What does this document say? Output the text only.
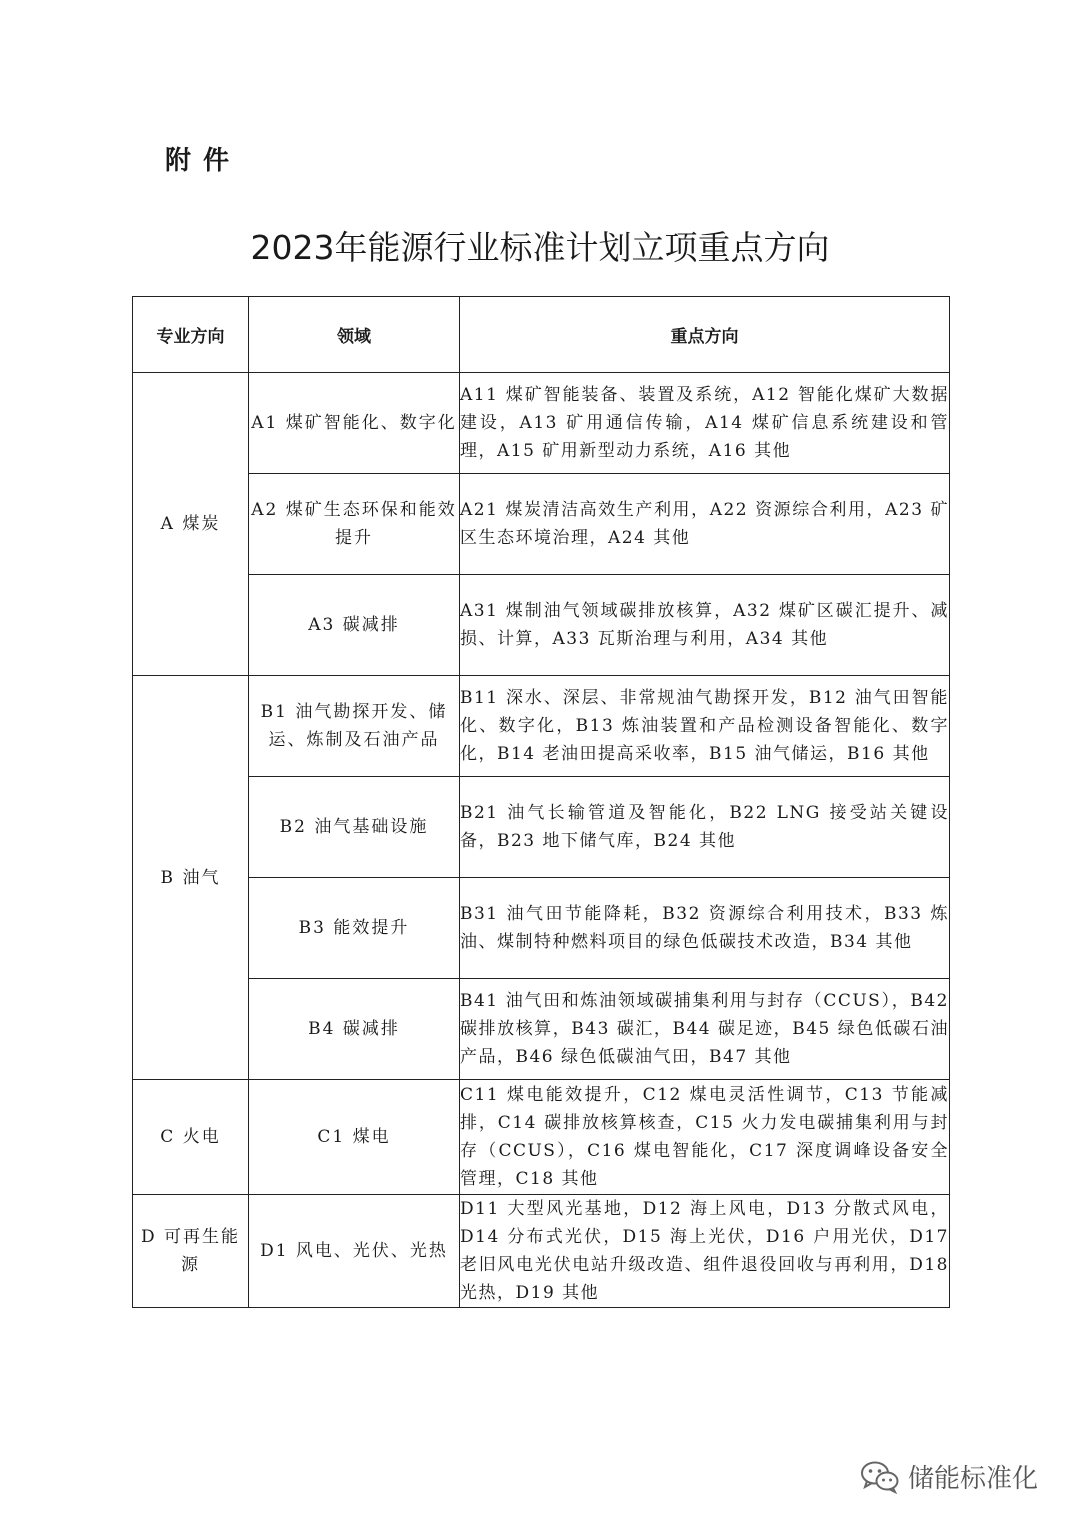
附件
2023年能源行业标准计划立项重点方向
专业方向	领域	重点方向
A 煤炭	A1 煤矿智能化、数字化	A11 煤矿智能装备、装置及系统，A12 智能化煤矿大数据建设，A13 矿用通信传输，A14 煤矿信息系统建设和管理，A15 矿用新型动力系统，A16 其他
	A2 煤矿生态环保和能效提升	A21 煤炭清洁高效生产利用，A22 资源综合利用，A23 矿区生态环境治理，A24 其他
	A3 碳减排	A31 煤制油气领域碳排放核算，A32 煤矿区碳汇提升、减损、计算，A33 瓦斯治理与利用，A34 其他
B 油气	B1 油气勘探开发、储运、炼制及石油产品	B11 深水、深层、非常规油气勘探开发，B12 油气田智能化、数字化，B13 炼油装置和产品检测设备智能化、数字化，B14 老油田提高采收率，B15 油气储运，B16 其他
	B2 油气基础设施	B21 油气长输管道及智能化，B22 LNG 接受站关键设备，B23 地下储气库，B24 其他
	B3 能效提升	B31 油气田节能降耗，B32 资源综合利用技术，B33 炼油、煤制特种燃料项目的绿色低碳技术改造，B34 其他
	B4 碳减排	B41 油气田和炼油领域碳捕集利用与封存（CCUS），B42 碳排放核算，B43 碳汇，B44 碳足迹，B45 绿色低碳石油产品，B46 绿色低碳油气田，B47 其他
C 火电	C1 煤电	C11 煤电能效提升，C12 煤电灵活性调节，C13 节能减排，C14 碳排放核算核查，C15 火力发电碳捕集利用与封存（CCUS），C16 煤电智能化，C17 深度调峰设备安全管理，C18 其他
D 可再生能源	D1 风电、光伏、光热	D11 大型风光基地，D12 海上风电，D13 分散式风电，D14 分布式光伏，D15 海上光伏，D16 户用光伏，D17 老旧风电光伏电站升级改造、组件退役回收与再利用，D18 光热，D19 其他
储能标准化
